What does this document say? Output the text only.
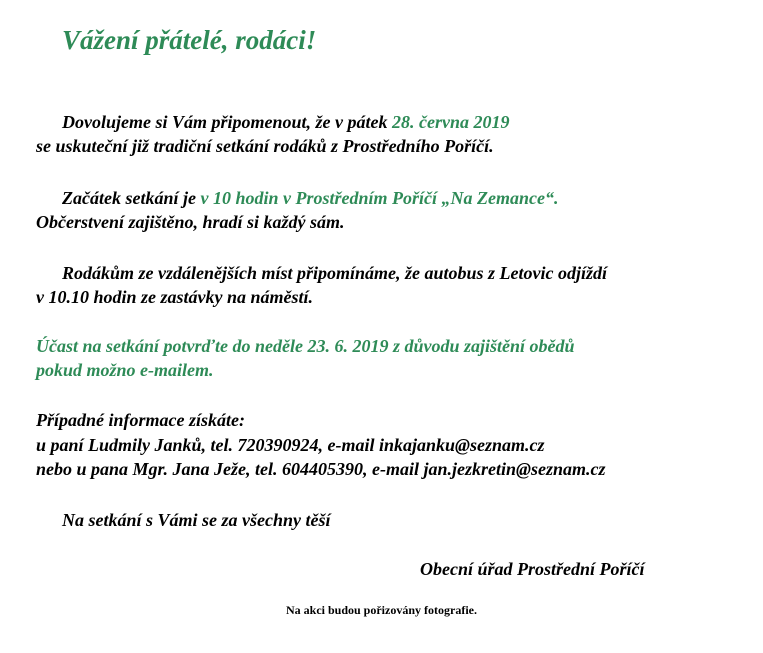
Vážení přátelé, rodáci!
Dovolujeme si Vám připomenout, že v pátek 28. června 2019
se uskuteční již tradiční setkání rodáků z Prostředního Poříčí.
Začátek setkání je v 10 hodin v Prostředním Poříčí „Na Zemance“.
Občerstvení zajištěno, hradí si každý sám.
Rodákům ze vzdálenějších míst připomínáme, že autobus z Letovic odjíždí
v 10.10 hodin ze zastávky na náměstí.
Účast na setkání potvrďte do neděle 23. 6. 2019 z důvodu zajištění obědů
pokud možno e-mailem.
Případné informace získáte:
u paní Ludmily Janků, tel. 720390924, e-mail inkajanku@seznam.cz
nebo u pana Mgr. Jana Ježe, tel. 604405390, e-mail jan.jezkretin@seznam.cz
Na setkání s Vámi se za všechny těší
Obecní úřad Prostřední Poříčí
Na akci budou pořizovány fotografie.
